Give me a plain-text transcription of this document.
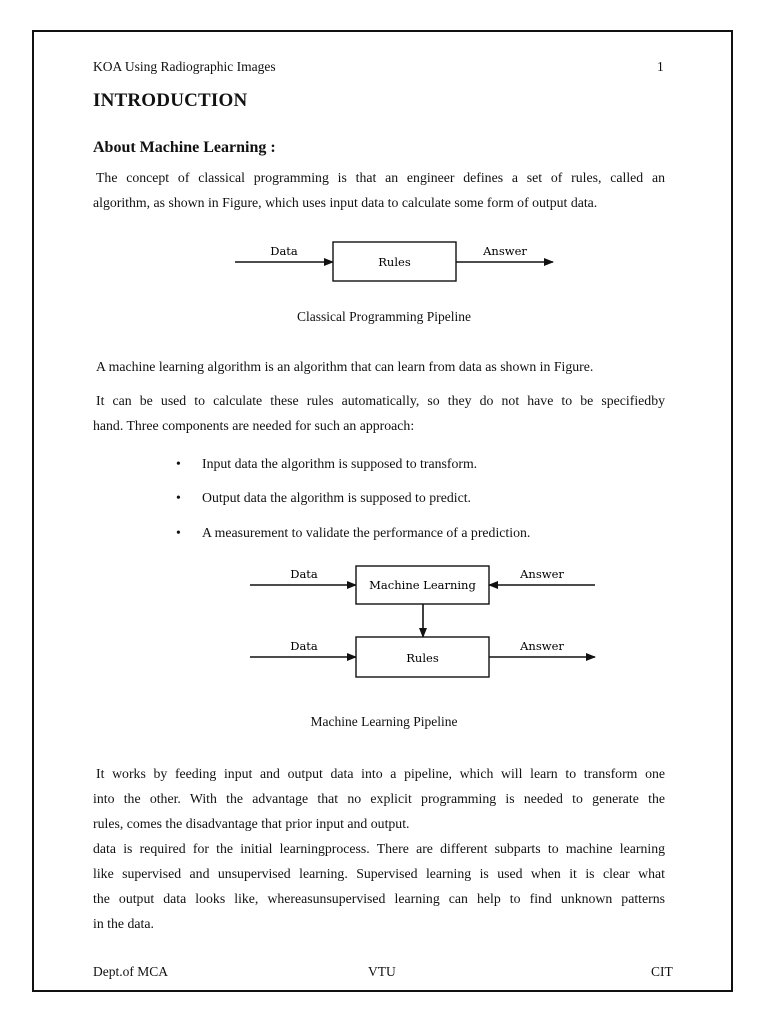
KOA Using Radiographic Images	1
INTRODUCTION
About Machine Learning :
The concept of classical programming is that an engineer defines a set of rules, called an
algorithm, as shown in Figure, which uses input data to calculate some form of output data.
Data
Rules
Answer
Classical Programming Pipeline
A machine learning algorithm is an algorithm that can learn from data as shown in Figure.
It can be used to calculate these rules automatically, so they do not have to be specifiedby
hand. Three components are needed for such an approach:
• Input data the algorithm is supposed to transform.
• Output data the algorithm is supposed to predict.
• A measurement to validate the performance of a prediction.
Data
Machine Learning
Answer
Data
Rules
Answer
Machine Learning Pipeline
It works by feeding input and output data into a pipeline, which will learn to transform one
into the other. With the advantage that no explicit programming is needed to generate the
rules, comes the disadvantage that prior input and output.
data is required for the initial learningprocess. There are different subparts to machine learning
like supervised and unsupervised learning. Supervised learning is used when it is clear what
the output data looks like, whereasunsupervised learning can help to find unknown patterns
in the data.
Dept.of MCA	VTU	CIT
